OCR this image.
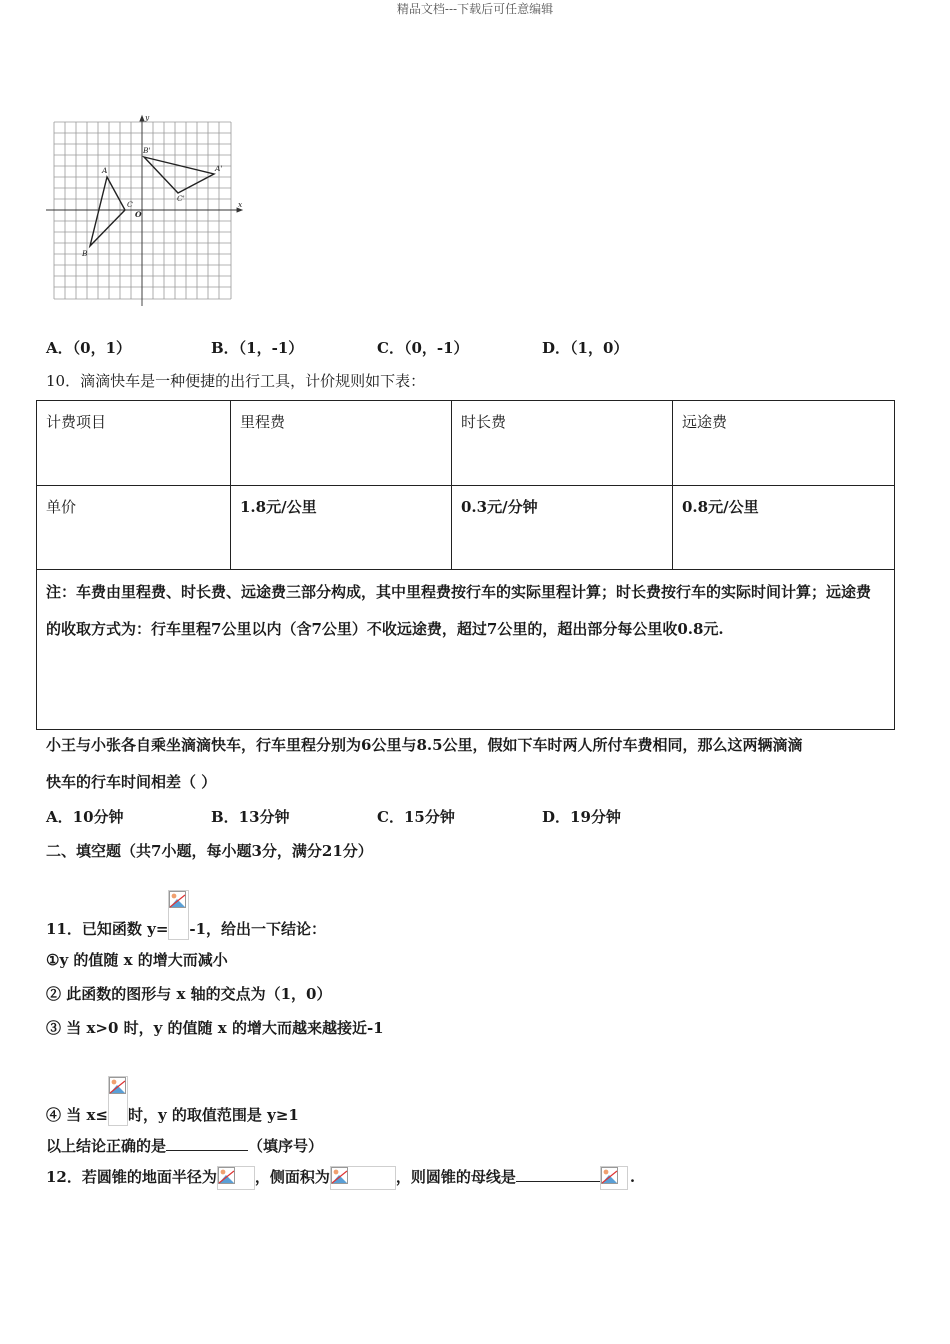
精品文档---下载后可任意编辑
y
x
O
A
B
C
A'
B'
C'
A．（0，1）	B．（1，-1）	C．（0，-1）	D．（1，0）
10．滴滴快车是一种便捷的出行工具，计价规则如下表：
计费项目	里程费	时长费	远途费
单价	1.8元/公里	0.3元/分钟	0.8元/公里
注：车费由里程费、时长费、远途费三部分构成，其中里程费按行车的实际里程计算；时长费按行车的实际时间计算；远途费的收取方式为：行车里程7公里以内（含7公里）不收远途费，超过7公里的，超出部分每公里收0.8元.			
小王与小张各自乘坐滴滴快车，行车里程分别为6公里与8.5公里，假如下车时两人所付车费相同，那么这两辆滴滴
快车的行车时间相差（ ）
A．10分钟	B．13分钟	C．15分钟	D．19分钟
二、填空题（共7小题，每小题3分，满分21分）
11．已知函数 y= -1，给出一下结论：
①y 的值随 x 的增大而减小
② 此函数的图形与 x 轴的交点为（1，0）
③ 当 x>0 时，y 的值随 x 的增大而越来越接近-1
④ 当 x≤ 时，y 的取值范围是 y≥1
以上结论正确的是	（填序号）
12．若圆锥的地面半径为	，侧面积为	，则圆锥的母线是	.
